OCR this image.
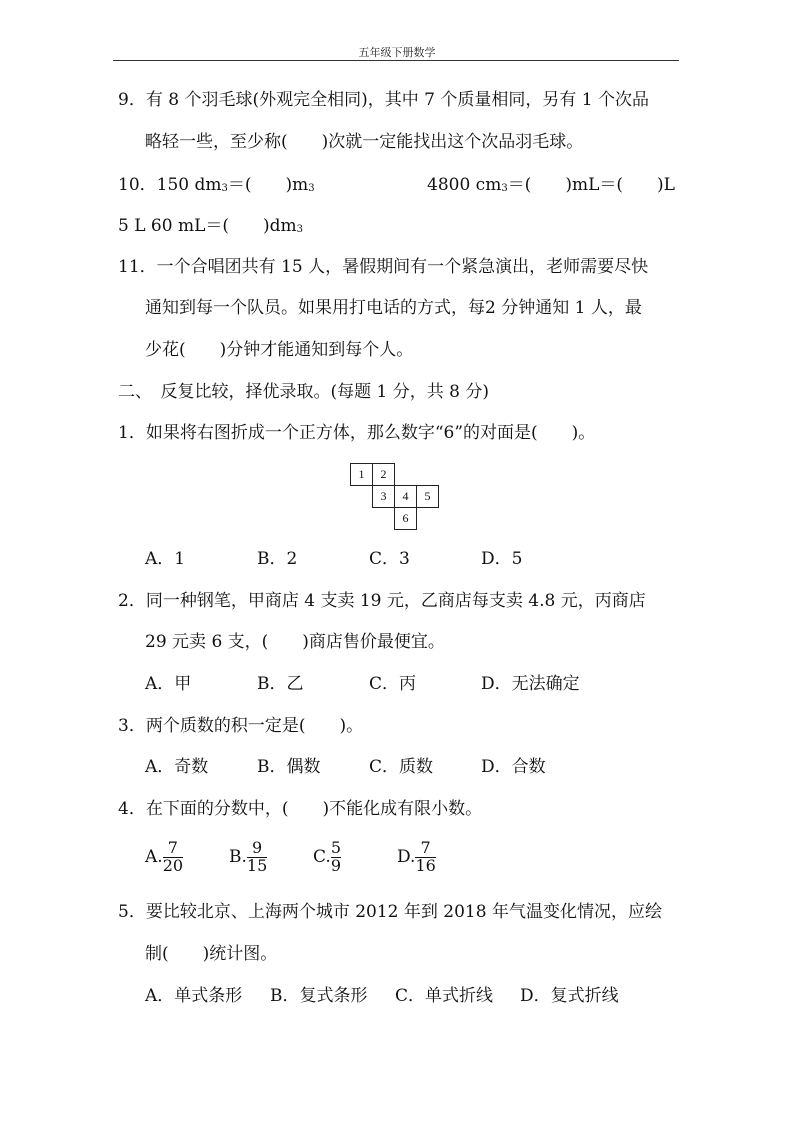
五年级下册数学
9．有 8 个羽毛球(外观完全相同)，其中 7 个质量相同，另有 1 个次品
略轻一些，至少称(　　)次就一定能找出这个次品羽毛球。
10．150 dm3＝(　　)m3	4800 cm3＝(　　)mL＝(　　)L
5 L 60 mL＝(　　)dm3
11．一个合唱团共有 15 人，暑假期间有一个紧急演出，老师需要尽快
通知到每一个队员。如果用打电话的方式，每2 分钟通知 1 人，最
少花(　　)分钟才能通知到每个人。
二、　反复比较，择优录取。(每题 1 分，共 8 分)
1．如果将右图折成一个正方体，那么数字“6”的对面是(　　)。
1	2
3	4	5
6
A．1	B．2	C．3	D．5
2．同一种钢笔，甲商店 4 支卖 19 元，乙商店每支卖 4.8 元，丙商店
29 元卖 6 支，(　　)商店售价最便宜。
A．甲	B．乙	C．丙	D．无法确定
3．两个质数的积一定是(　　)。
A．奇数	B．偶数	C．质数	D．合数
4．在下面的分数中，(　　)不能化成有限小数。
A. $\frac{7}{20}$	B. $\frac{9}{15}$	C. $\frac{5}{9}$	D. $\frac{7}{16}$
5．要比较北京、上海两个城市 2012 年到 2018 年气温变化情况，应绘
制(　　)统计图。
A．单式条形 B．复式条形 C．单式折线 D．复式折线
